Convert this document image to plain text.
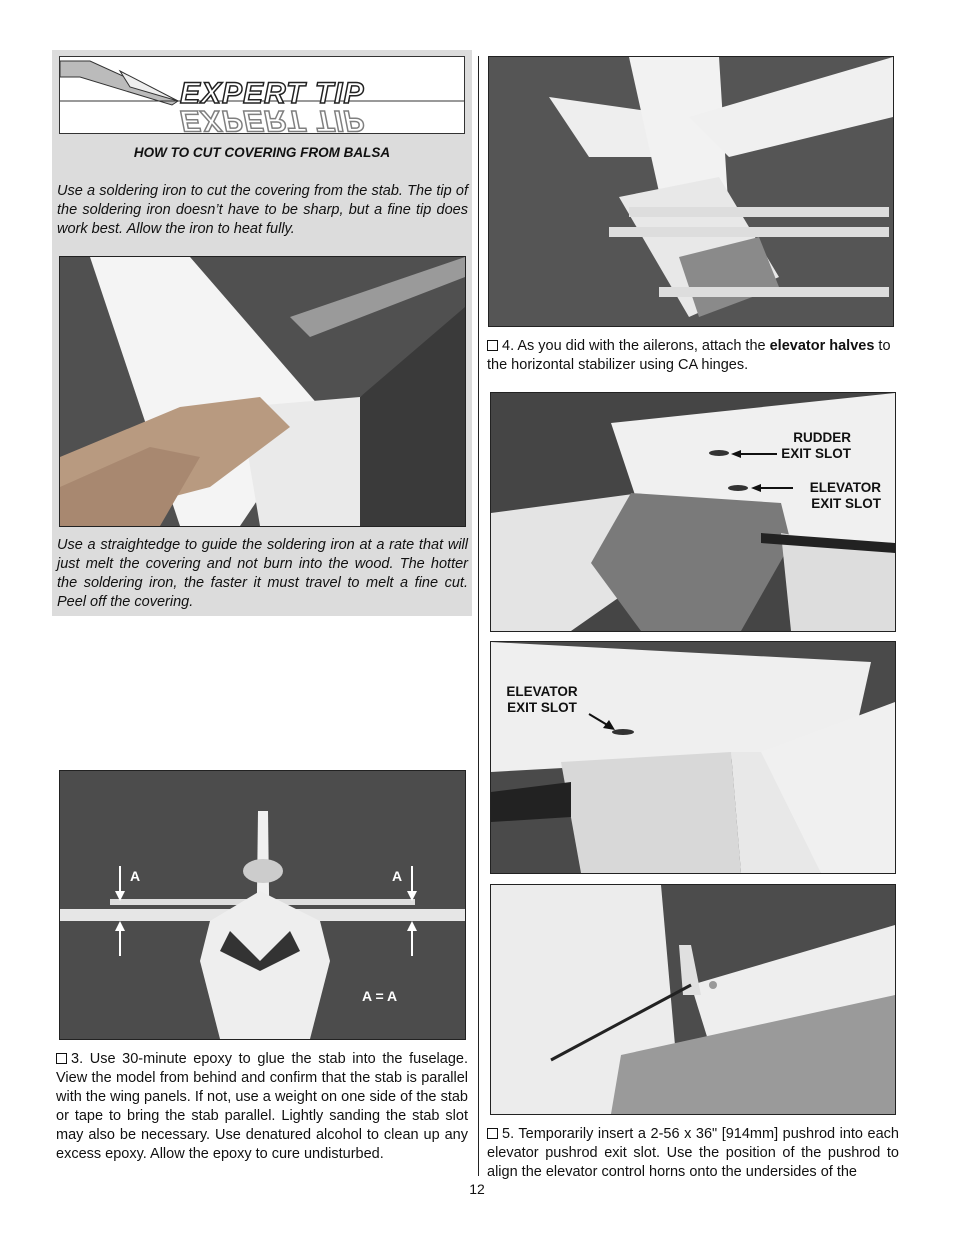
EXPERT TIP
EXPERT TIP
HOW TO CUT COVERING FROM BALSA
Use a soldering iron to cut the covering from the stab. The tip of the soldering iron doesn’t have to be sharp, but a fine tip does work best. Allow the iron to heat fully.
Use a straightedge to guide the soldering iron at a rate that will just melt the covering and not burn into the wood. The hotter the soldering iron, the faster it must travel to melt a fine cut. Peel off the covering.
A	A
A = A
3. Use 30-minute epoxy to glue the stab into the fuselage. View the model from behind and confirm that the stab is parallel with the wing panels. If not, use a weight on one side of the stab or tape to bring the stab parallel. Lightly sanding the stab slot may also be necessary. Use denatured alcohol to clean up any excess epoxy. Allow the epoxy to cure undisturbed.
4. As you did with the ailerons, attach the elevator halves to the horizontal stabilizer using CA hinges.
RUDDER
EXIT SLOT
ELEVATOR
EXIT SLOT
ELEVATOR
EXIT SLOT
5. Temporarily insert a 2-56 x 36" [914mm] pushrod into each elevator pushrod exit slot. Use the position of the pushrod to align the elevator control horns onto the undersides of the
12
